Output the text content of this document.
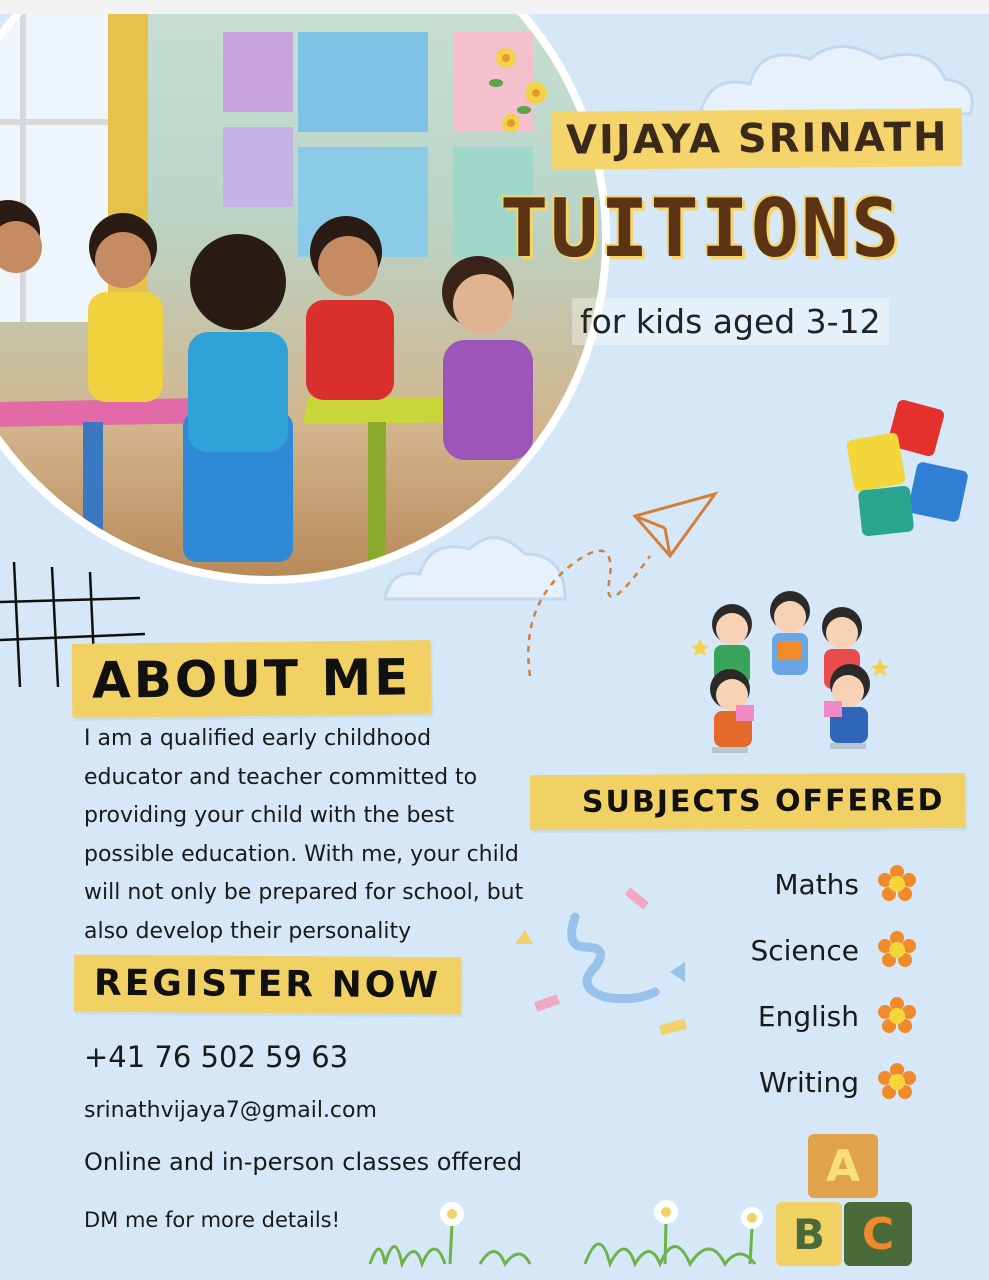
VIJAYA SRINATH
TUITIONS
for kids aged 3-12
ABOUT ME
I am a qualified early childhood
educator and teacher committed to
providing your child with the best
possible education. With me, your child
will not only be prepared for school, but
also develop their personality
REGISTER NOW
+41 76 502 59 63
srinathvijaya7@gmail.com
Online and in-person classes offered
DM me for more details!
SUBJECTS OFFERED
Maths
Science
English
Writing
A
B C
